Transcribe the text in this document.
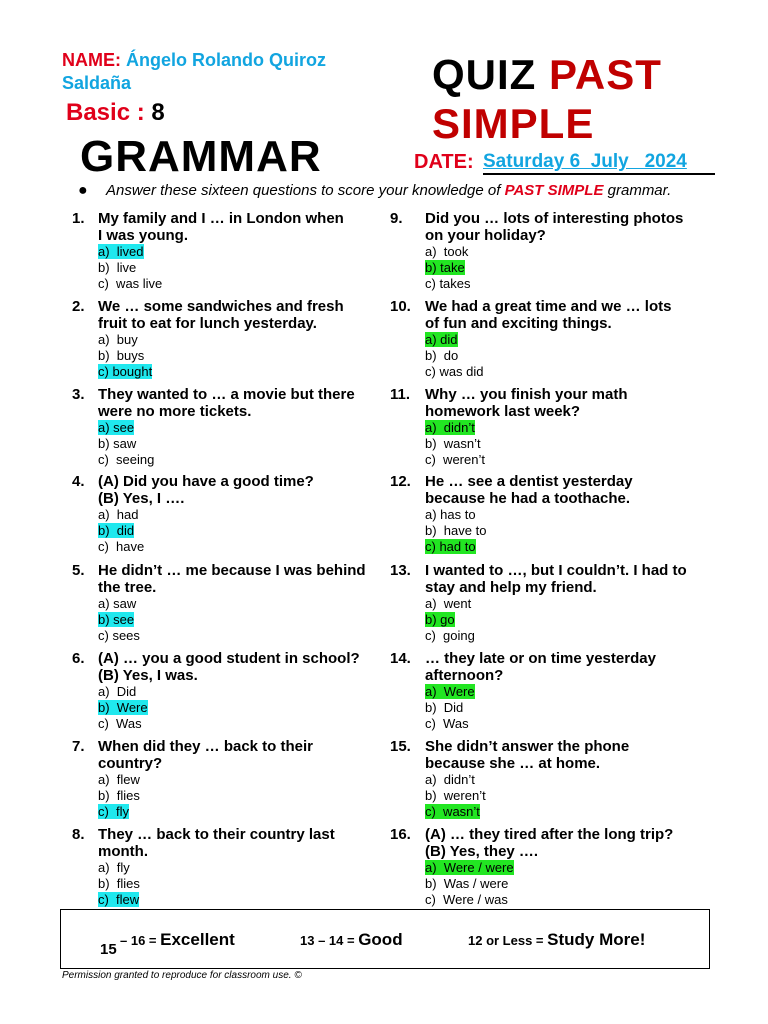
NAME: Ángelo Rolando Quiroz
Saldaña
Basic : 8
GRAMMAR
QUIZ PAST
SIMPLE
DATE: Saturday 6  July   2024
● Answer these sixteen questions to score your knowledge of PAST SIMPLE grammar.
1. My family and I … in London when
I was young.
a)  lived
b)  live
c)  was live
2. We … some sandwiches and fresh
fruit to eat for lunch yesterday.
a)  buy
b)  buys
c) bought
3. They wanted to … a movie but there
were no more tickets.
a) see
b) saw
c)  seeing
4. (A) Did you have a good time?
(B) Yes, I ….
a)  had
b)  did
c)  have
5. He didn’t … me because I was behind
the tree.
a) saw
b) see
c) sees
6. (A) … you a good student in school?
(B) Yes, I was.
a)  Did
b)  Were
c)  Was
7. When did they … back to their
country?
a)  flew
b)  flies
c)  fly
8. They … back to their country last
month.
a)  fly
b)  flies
c)  flew
9. Did you … lots of interesting photos
on your holiday?
a)  took
b) take
c) takes
10. We had a great time and we … lots
of fun and exciting things.
a) did
b)  do
c) was did
11. Why … you finish your math
homework last week?
a)  didn’t
b)  wasn’t
c)  weren’t
12. He … see a dentist yesterday
because he had a toothache.
a) has to
b)  have to
c) had to
13. I wanted to …, but I couldn’t. I had to
stay and help my friend.
a)  went
b) go
c)  going
14. … they late or on time yesterday
afternoon?
a)  Were
b)  Did
c)  Was
15. She didn’t answer the phone
because she … at home.
a)  didn’t
b)  weren’t
c)  wasn’t
16. (A) … they tired after the long trip?
(B) Yes, they ….
a)  Were / were
b)  Was / were
c)  Were / was
15
– 16 = Excellent	13 – 14 = Good	12 or Less = Study More!
Permission granted to reproduce for classroom use. ©
